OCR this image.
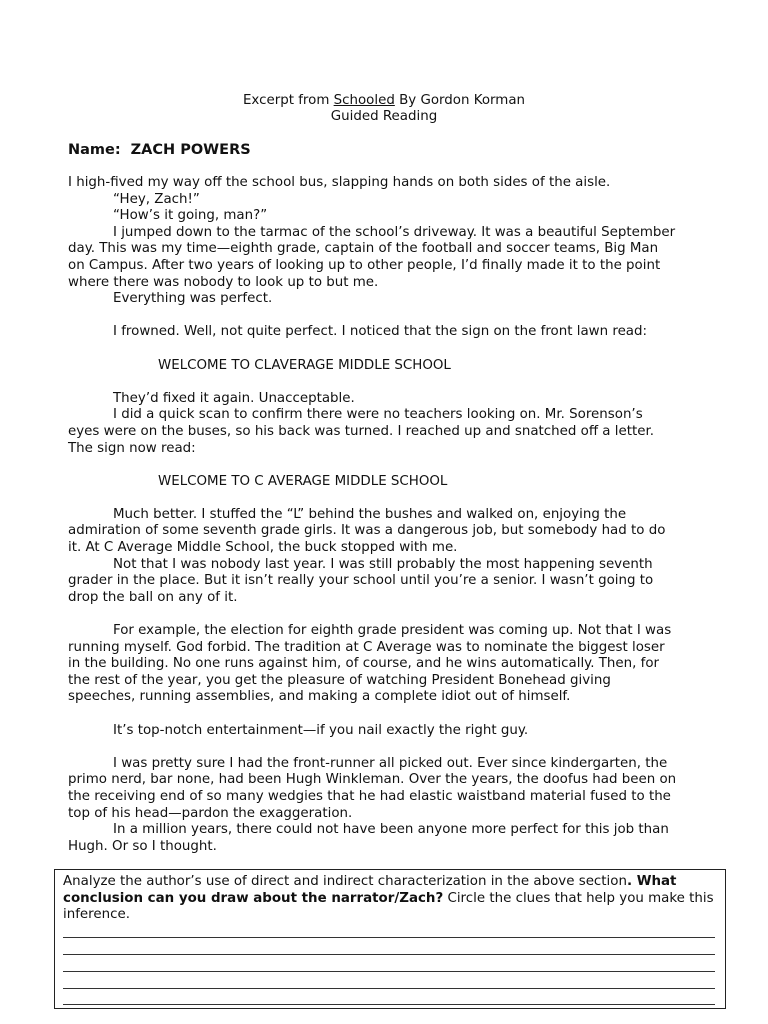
Excerpt from Schooled By Gordon Korman
Guided Reading
Name: ZACH POWERS

I high-fived my way off the school bus, slapping hands on both sides of the aisle.

“Hey, Zach!”

“How’s it going, man?”

I jumped down to the tarmac of the school’s driveway. It was a beautiful September

day. This was my time—eighth grade, captain of the football and soccer teams, Big Man

on Campus. After two years of looking up to other people, I’d finally made it to the point

where there was nobody to look up to but me.

Everything was perfect.

I frowned. Well, not quite perfect. I noticed that the sign on the front lawn read:

WELCOME TO CLAVERAGE MIDDLE SCHOOL

They’d fixed it again. Unacceptable.

I did a quick scan to confirm there were no teachers looking on. Mr. Sorenson’s

eyes were on the buses, so his back was turned. I reached up and snatched off a letter.

The sign now read:

WELCOME TO C AVERAGE MIDDLE SCHOOL

Much better. I stuffed the “L” behind the bushes and walked on, enjoying the

admiration of some seventh grade girls. It was a dangerous job, but somebody had to do

it. At C Average Middle School, the buck stopped with me.

Not that I was nobody last year. I was still probably the most happening seventh

grader in the place. But it isn’t really your school until you’re a senior. I wasn’t going to

drop the ball on any of it.

For example, the election for eighth grade president was coming up. Not that I was

running myself. God forbid. The tradition at C Average was to nominate the biggest loser

in the building. No one runs against him, of course, and he wins automatically. Then, for

the rest of the year, you get the pleasure of watching President Bonehead giving

speeches, running assemblies, and making a complete idiot out of himself.

It’s top-notch entertainment—if you nail exactly the right guy.

I was pretty sure I had the front-runner all picked out. Ever since kindergarten, the

primo nerd, bar none, had been Hugh Winkleman. Over the years, the doofus had been on

the receiving end of so many wedgies that he had elastic waistband material fused to the

top of his head—pardon the exaggeration.

In a million years, there could not have been anyone more perfect for this job than

Hugh. Or so I thought.

Analyze the author’s use of direct and indirect characterization in the above section. What conclusion can you draw about the narrator/Zach? Circle the clues that help you make this inference.
